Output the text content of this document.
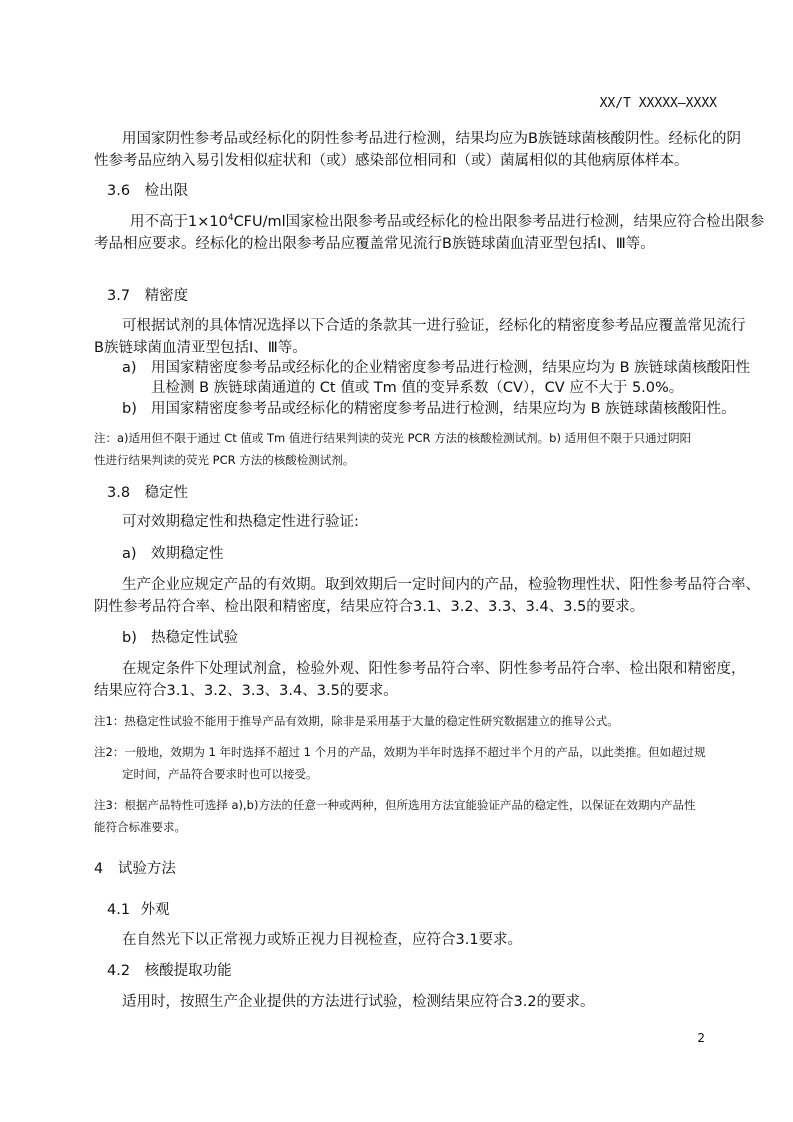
XX/T XXXXX—XXXX
用国家阴性参考品或经标化的阴性参考品进行检测，结果均应为B族链球菌核酸阴性。经标化的阴
性参考品应纳入易引发相似症状和（或）感染部位相同和（或）菌属相似的其他病原体样本。
3.6 检出限
用不高于$1\times 10^4CFU/ml$国家检出限参考品或经标化的检出限参考品进行检测，结果应符合检出限参
考品相应要求。经标化的检出限参考品应覆盖常见流行B族链球菌血清亚型包括Ⅰ、Ⅲ等。
3.7 精密度
可根据试剂的具体情况选择以下合适的条款其一进行验证，经标化的精密度参考品应覆盖常见流行
B族链球菌血清亚型包括Ⅰ、Ⅲ等。
a) 用国家精密度参考品或经标化的企业精密度参考品进行检测，结果应均为 B 族链球菌核酸阳性
且检测 B 族链球菌通道的 Ct 值或 Tm 值的变异系数（CV），CV 应不大于 5.0%。
b) 用国家精密度参考品或经标化的精密度参考品进行检测，结果应均为 B 族链球菌核酸阳性。
注：a)适用但不限于通过 Ct 值或 Tm 值进行结果判读的荧光 PCR 方法的核酸检测试剂。b) 适用但不限于只通过阴阳
性进行结果判读的荧光 PCR 方法的核酸检测试剂。
3.8 稳定性
可对效期稳定性和热稳定性进行验证:
a) 效期稳定性
生产企业应规定产品的有效期。取到效期后一定时间内的产品，检验物理性状、阳性参考品符合率、
阴性参考品符合率、检出限和精密度，结果应符合3.1、3.2、3.3、3.4、3.5的要求。
b) 热稳定性试验
在规定条件下处理试剂盒，检验外观、阳性参考品符合率、阴性参考品符合率、检出限和精密度，
结果应符合3.1、3.2、3.3、3.4、3.5的要求。
注1：热稳定性试验不能用于推导产品有效期，除非是采用基于大量的稳定性研究数据建立的推导公式。
注2：一般地，效期为 1 年时选择不超过 1 个月的产品，效期为半年时选择不超过半个月的产品，以此类推。但如超过规
定时间，产品符合要求时也可以接受。
注3：根据产品特性可选择 a),b)方法的任意一种或两种，但所选用方法宜能验证产品的稳定性，以保证在效期内产品性
能符合标准要求。
4 试验方法
4.1 外观
在自然光下以正常视力或矫正视力目视检查，应符合3.1要求。
4.2 核酸提取功能
适用时，按照生产企业提供的方法进行试验，检测结果应符合3.2的要求。
2
